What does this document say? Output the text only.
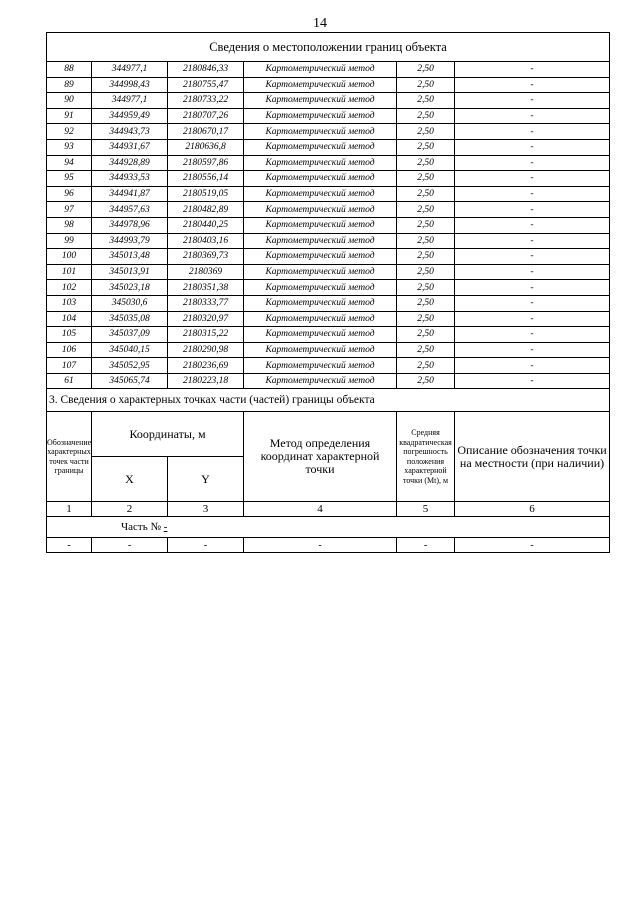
14
Сведения о местоположении границ объекта					
88	344977,1	2180846,33	Картометрический метод	2,50	-
89	344998,43	2180755,47	Картометрический метод	2,50	-
90	344977,1	2180733,22	Картометрический метод	2,50	-
91	344959,49	2180707,26	Картометрический метод	2,50	-
92	344943,73	2180670,17	Картометрический метод	2,50	-
93	344931,67	2180636,8	Картометрический метод	2,50	-
94	344928,89	2180597,86	Картометрический метод	2,50	-
95	344933,53	2180556,14	Картометрический метод	2,50	-
96	344941,87	2180519,05	Картометрический метод	2,50	-
97	344957,63	2180482,89	Картометрический метод	2,50	-
98	344978,96	2180440,25	Картометрический метод	2,50	-
99	344993,79	2180403,16	Картометрический метод	2,50	-
100	345013,48	2180369,73	Картометрический метод	2,50	-
101	345013,91	2180369	Картометрический метод	2,50	-
102	345023,18	2180351,38	Картометрический метод	2,50	-
103	345030,6	2180333,77	Картометрический метод	2,50	-
104	345035,08	2180320,97	Картометрический метод	2,50	-
105	345037,09	2180315,22	Картометрический метод	2,50	-
106	345040,15	2180290,98	Картометрический метод	2,50	-
107	345052,95	2180236,69	Картометрический метод	2,50	-
61	345065,74	2180223,18	Картометрический метод	2,50	-
3. Сведения о характерных точках части (частей) границы объекта					
Обозначение характерных точек части границы	Координаты, м		Метод определения координат характерной точки	Средняя квадратическая погрешность положения характерной точки (Mt), м	Описание обозначения точки на местности (при наличии)
	X	Y			
1	2	3	4	5	6
Часть № -					
-	-	-	-	-	-
